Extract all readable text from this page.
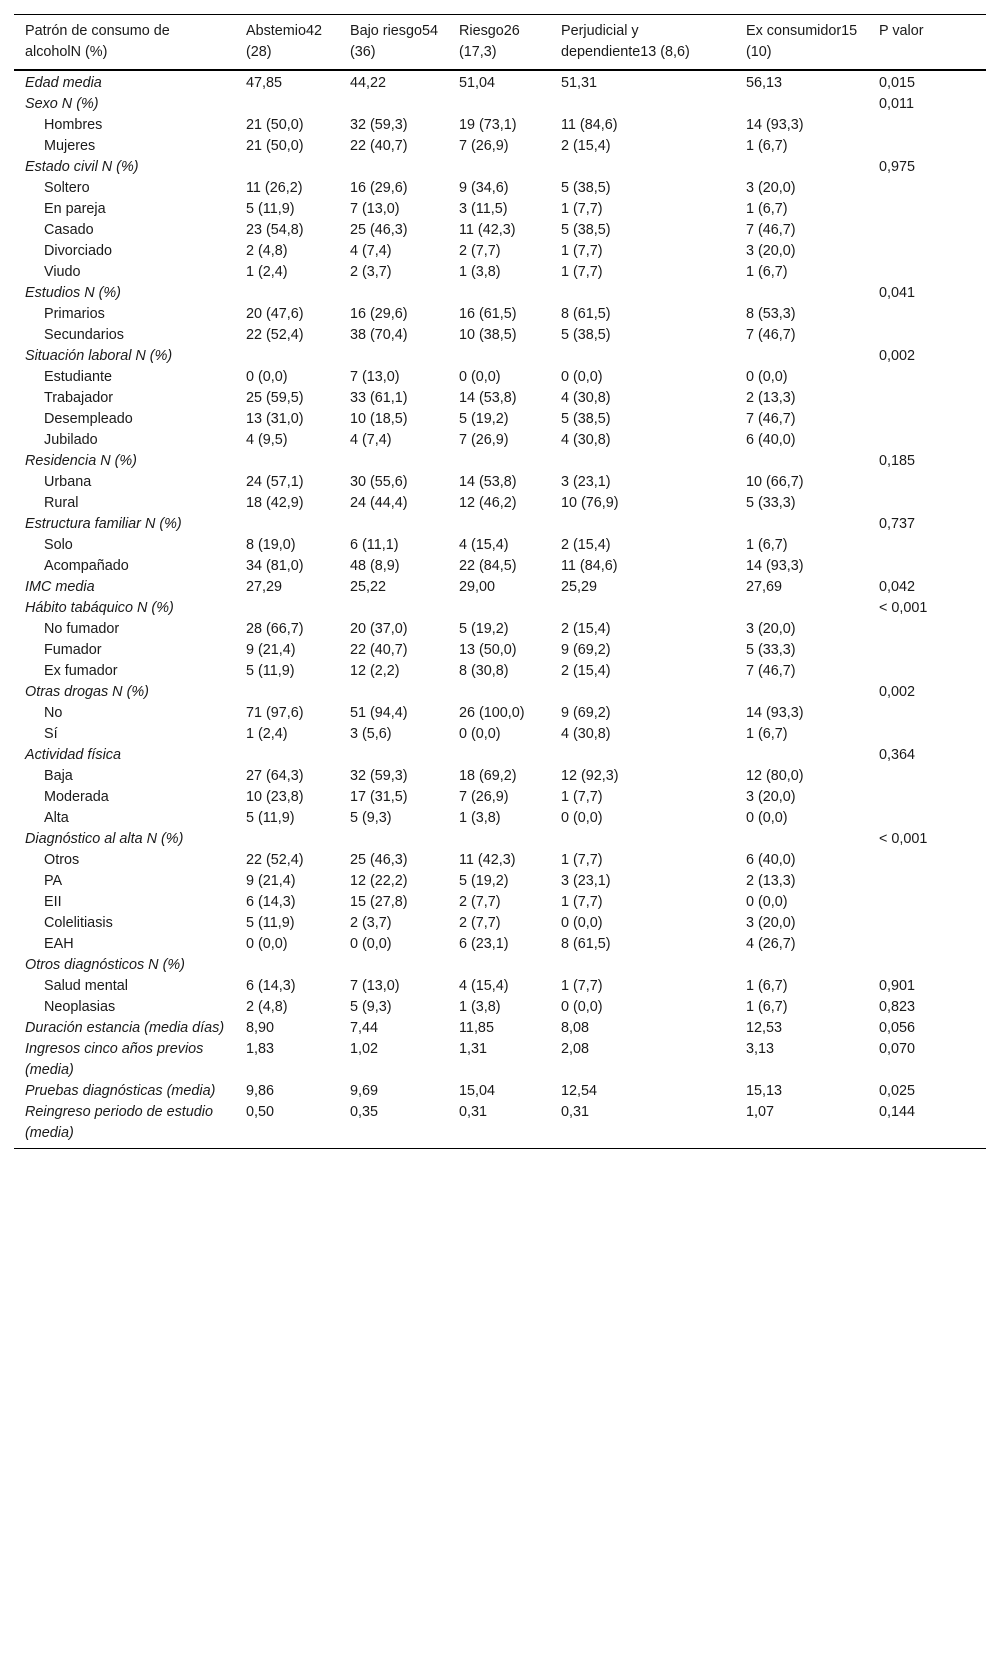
Patrón de consumo de alcoholN (%)	Abstemio42 (28)	Bajo riesgo54 (36)	Riesgo26 (17,3)	Perjudicial y dependiente13 (8,6)	Ex consumidor15 (10)	P valor
Edad media	47,85	44,22	51,04	51,31	56,13	0,015
Sexo N (%)						0,011
Hombres	21 (50,0)	32 (59,3)	19 (73,1)	11 (84,6)	14 (93,3)	
Mujeres	21 (50,0)	22 (40,7)	7 (26,9)	2 (15,4)	1 (6,7)	
Estado civil N (%)						0,975
Soltero	11 (26,2)	16 (29,6)	9 (34,6)	5 (38,5)	3 (20,0)	
En pareja	5 (11,9)	7 (13,0)	3 (11,5)	1 (7,7)	1 (6,7)	
Casado	23 (54,8)	25 (46,3)	11 (42,3)	5 (38,5)	7 (46,7)	
Divorciado	2 (4,8)	4 (7,4)	2 (7,7)	1 (7,7)	3 (20,0)	
Viudo	1 (2,4)	2 (3,7)	1 (3,8)	1 (7,7)	1 (6,7)	
Estudios N (%)						0,041
Primarios	20 (47,6)	16 (29,6)	16 (61,5)	8 (61,5)	8 (53,3)	
Secundarios	22 (52,4)	38 (70,4)	10 (38,5)	5 (38,5)	7 (46,7)	
Situación laboral N (%)						0,002
Estudiante	0 (0,0)	7 (13,0)	0 (0,0)	0 (0,0)	0 (0,0)	
Trabajador	25 (59,5)	33 (61,1)	14 (53,8)	4 (30,8)	2 (13,3)	
Desempleado	13 (31,0)	10 (18,5)	5 (19,2)	5 (38,5)	7 (46,7)	
Jubilado	4 (9,5)	4 (7,4)	7 (26,9)	4 (30,8)	6 (40,0)	
Residencia N (%)						0,185
Urbana	24 (57,1)	30 (55,6)	14 (53,8)	3 (23,1)	10 (66,7)	
Rural	18 (42,9)	24 (44,4)	12 (46,2)	10 (76,9)	5 (33,3)	
Estructura familiar N (%)						0,737
Solo	8 (19,0)	6 (11,1)	4 (15,4)	2 (15,4)	1 (6,7)	
Acompañado	34 (81,0)	48 (8,9)	22 (84,5)	11 (84,6)	14 (93,3)	
IMC media	27,29	25,22	29,00	25,29	27,69	0,042
Hábito tabáquico N (%)						< 0,001
No fumador	28 (66,7)	20 (37,0)	5 (19,2)	2 (15,4)	3 (20,0)	
Fumador	9 (21,4)	22 (40,7)	13 (50,0)	9 (69,2)	5 (33,3)	
Ex fumador	5 (11,9)	12 (2,2)	8 (30,8)	2 (15,4)	7 (46,7)	
Otras drogas N (%)						0,002
No	71 (97,6)	51 (94,4)	26 (100,0)	9 (69,2)	14 (93,3)	
Sí	1 (2,4)	3 (5,6)	0 (0,0)	4 (30,8)	1 (6,7)	
Actividad física						0,364
Baja	27 (64,3)	32 (59,3)	18 (69,2)	12 (92,3)	12 (80,0)	
Moderada	10 (23,8)	17 (31,5)	7 (26,9)	1 (7,7)	3 (20,0)	
Alta	5 (11,9)	5 (9,3)	1 (3,8)	0 (0,0)	0 (0,0)	
Diagnóstico al alta N (%)						< 0,001
Otros	22 (52,4)	25 (46,3)	11 (42,3)	1 (7,7)	6 (40,0)	
PA	9 (21,4)	12 (22,2)	5 (19,2)	3 (23,1)	2 (13,3)	
EII	6 (14,3)	15 (27,8)	2 (7,7)	1 (7,7)	0 (0,0)	
Colelitiasis	5 (11,9)	2 (3,7)	2 (7,7)	0 (0,0)	3 (20,0)	
EAH	0 (0,0)	0 (0,0)	6 (23,1)	8 (61,5)	4 (26,7)	
Otros diagnósticos N (%)						
Salud mental	6 (14,3)	7 (13,0)	4 (15,4)	1 (7,7)	1 (6,7)	0,901
Neoplasias	2 (4,8)	5 (9,3)	1 (3,8)	0 (0,0)	1 (6,7)	0,823
Duración estancia (media días)	8,90	7,44	11,85	8,08	12,53	0,056
Ingresos cinco años previos (media)	1,83	1,02	1,31	2,08	3,13	0,070
Pruebas diagnósticas (media)	9,86	9,69	15,04	12,54	15,13	0,025
Reingreso periodo de estudio (media)	0,50	0,35	0,31	0,31	1,07	0,144
